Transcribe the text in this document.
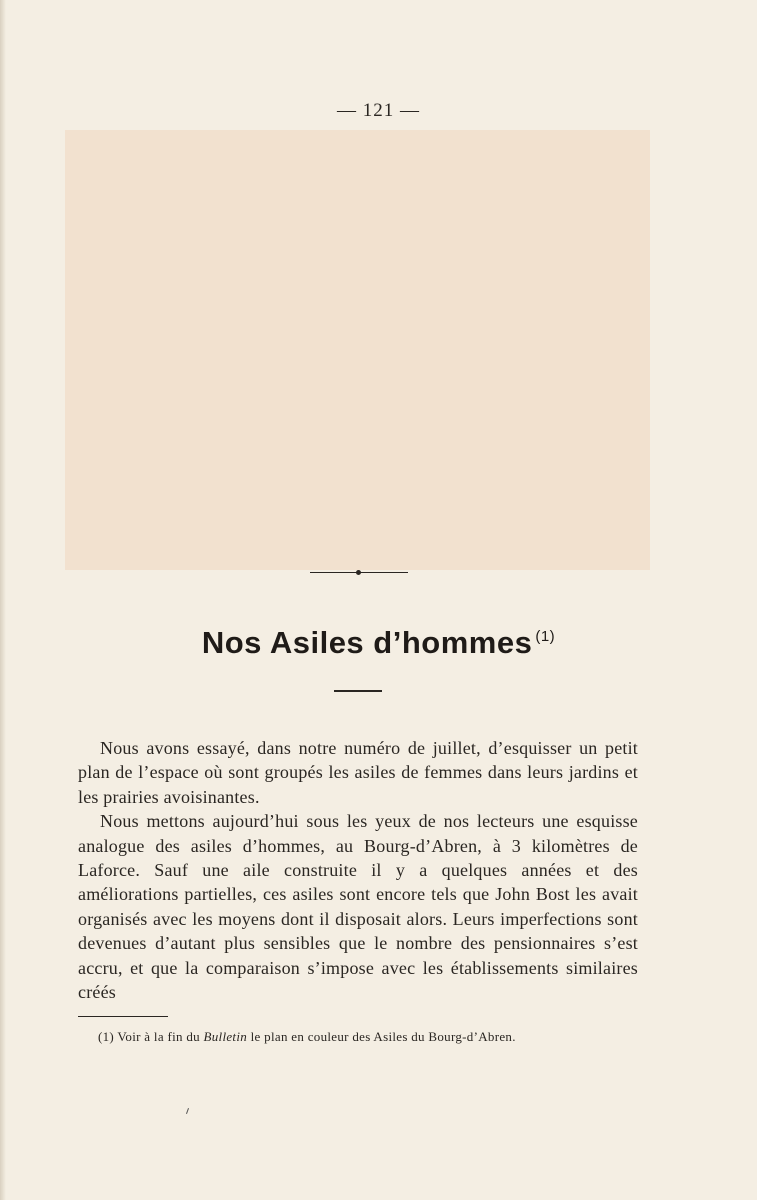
— 121 —
Nos Asiles d’hommes $^{(1)}$

Nous avons essayé, dans notre numéro de juillet, d’esquisser un petit plan de l’espace où sont groupés les asiles de femmes dans leurs jardins et les prairies avoisinantes.

Nous mettons aujourd’hui sous les yeux de nos lecteurs une esquisse analogue des asiles d’hommes, au Bourg-d’Abren, à 3 kilomètres de Laforce. Sauf une aile construite il y a quelques années et des améliorations partielles, ces asiles sont encore tels que John Bost les avait organisés avec les moyens dont il disposait alors. Leurs imperfections sont devenues d’autant plus sensibles que le nombre des pensionnaires s’est accru, et que la comparaison s’impose avec les établissements similaires créés

(1) Voir à la fin du Bulletin le plan en couleur des Asiles du Bourg-d’Abren.
